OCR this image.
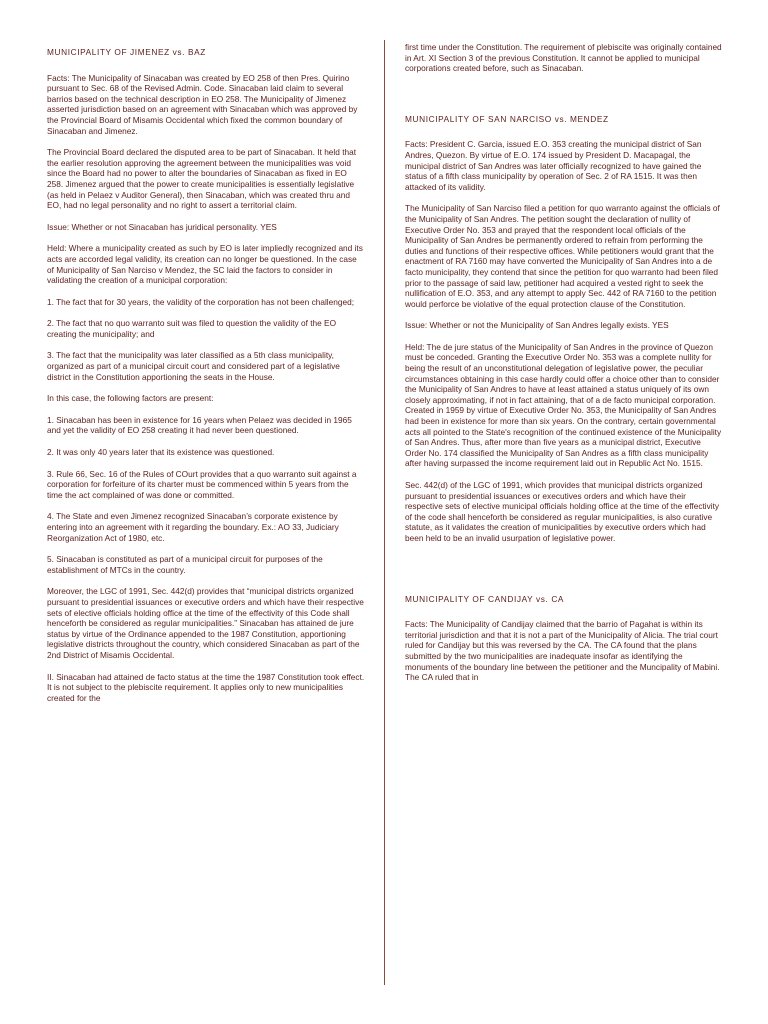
MUNICIPALITY OF JIMENEZ vs. BAZ

Facts: The Municipality of Sinacaban was created by EO 258 of then Pres. Quirino pursuant to Sec. 68 of the Revised Admin. Code. Sinacaban laid claim to several barrios based on the technical description in EO 258. The Municipality of Jimenez asserted jurisdiction based on an agreement with Sinacaban which was approved by the Provincial Board of Misamis Occidental which fixed the common boundary of Sinacaban and Jimenez.

The Provincial Board declared the disputed area to be part of Sinacaban. It held that the earlier resolution approving the agreement between the municipalities was void since the Board had no power to alter the boundaries of Sinacaban as fixed in EO 258. Jimenez argued that the power to create municipalities is essentially legislative (as held in Pelaez v Auditor General), then Sinacaban, which was created thru and EO, had no legal personality and no right to assert a territorial claim.

Issue: Whether or not Sinacaban has juridical personality. YES

Held: Where a municipality created as such by EO is later impliedly recognized and its acts are accorded legal validity, its creation can no longer be questioned. In the case of Municipality of San Narciso v Mendez, the SC laid the factors to consider in validating the creation of a municipal corporation:

1. The fact that for 30 years, the validity of the corporation has not been challenged;

2. The fact that no quo warranto suit was filed to question the validity of the EO creating the municipality; and

3. The fact that the municipality was later classified as a 5th class municipality, organized as part of a municipal circuit court and considered part of a legislative district in the Constitution apportioning the seats in the House.

In this case, the following factors are present:

1. Sinacaban has been in existence for 16 years when Pelaez was decided in 1965 and yet the validity of EO 258 creating it had never been questioned.

2. It was only 40 years later that its existence was questioned.

3. Rule 66, Sec. 16 of the Rules of COurt provides that a quo warranto suit against a corporation for forfeiture of its charter must be commenced within 5 years from the time the act complained of was done or committed.

4. The State and even Jimenez recognized Sinacaban’s corporate existence by entering into an agreement with it regarding the boundary. Ex.: AO 33, Judiciary Reorganization Act of 1980, etc.

5. Sinacaban is constituted as part of a municipal circuit for purposes of the establishment of MTCs in the country.

Moreover, the LGC of 1991, Sec. 442(d) provides that “municipal districts organized pursuant to presidential issuances or executive orders and which have their respective sets of elective officials holding office at the time of the effectivity of this Code shall henceforth be considered as regular municipalities.” Sinacaban has attained de jure status by virtue of the Ordinance appended to the 1987 Constitution, apportioning legislative districts throughout the country, which considered Sinacaban as part of the 2nd District of Misamis Occidental.

II. Sinacaban had attained de facto status at the time the 1987 Constitution took effect. It is not subject to the plebiscite requirement. It applies only to new municipalities created for the

first time under the Constitution. The requirement of plebiscite was originally contained in Art. XI Section 3 of the previous Constitution. It cannot be applied to municipal corporations created before, such as Sinacaban.

MUNICIPALITY OF SAN NARCISO vs. MENDEZ

Facts: President C. Garcia, issued E.O. 353 creating the municipal district of San Andres, Quezon. By virtue of E.O. 174 issued by President D. Macapagal, the municipal district of San Andres was later officially recognized to have gained the status of a fifth class municipality by operation of Sec. 2 of RA 1515. It was then attacked of its validity.

The Municipality of San Narciso filed a petition for quo warranto against the officials of the Municipality of San Andres. The petition sought the declaration of nullity of Executive Order No. 353 and prayed that the respondent local officials of the Municipality of San Andres be permanently ordered to refrain from performing the duties and functions of their respective offices. While petitioners would grant that the enactment of RA 7160 may have converted the Municipality of San Andres into a de facto municipality, they contend that since the petition for quo warranto had been filed prior to the passage of said law, petitioner had acquired a vested right to seek the nullification of E.O. 353, and any attempt to apply Sec. 442 of RA 7160 to the petition would perforce be violative of the equal protection clause of the Constitution.

Issue: Whether or not the Municipality of San Andres legally exists. YES

Held: The de jure status of the Municipality of San Andres in the province of Quezon must be conceded. Granting the Executive Order No. 353 was a complete nullity for being the result of an unconstitutional delegation of legislative power, the peculiar circumstances obtaining in this case hardly could offer a choice other than to consider the Municipality of San Andres to have at least attained a status uniquely of its own closely approximating, if not in fact attaining, that of a de facto municipal corporation. Created in 1959 by virtue of Executive Order No. 353, the Municipality of San Andres had been in existence for more than six years. On the contrary, certain governmental acts all pointed to the State's recognition of the continued existence of the Municipality of San Andres. Thus, after more than five years as a municipal district, Executive Order No. 174 classified the Municipality of San Andres as a fifth class municipality after having surpassed the income requirement laid out in Republic Act No. 1515.

Sec. 442(d) of the LGC of 1991, which provides that municipal districts organized pursuant to presidential issuances or executives orders and which have their respective sets of elective municipal officials holding office at the time of the effectivity of the code shall henceforth be considered as regular municipalities, is also curative statute, as it validates the creation of municipalities by executive orders which had been held to be an invalid usurpation of legislative power.

MUNICIPALITY OF CANDIJAY vs. CA

Facts: The Municipality of Candijay claimed that the barrio of Pagahat is within its territorial jurisdiction and that it is not a part of the Municipality of Alicia. The trial court ruled for Candijay but this was reversed by the CA. The CA found that the plans submitted by the two municipalities are inadequate insofar as identifying the monuments of the boundary line between the petitioner and the Muncipality of Mabini. The CA ruled that in
